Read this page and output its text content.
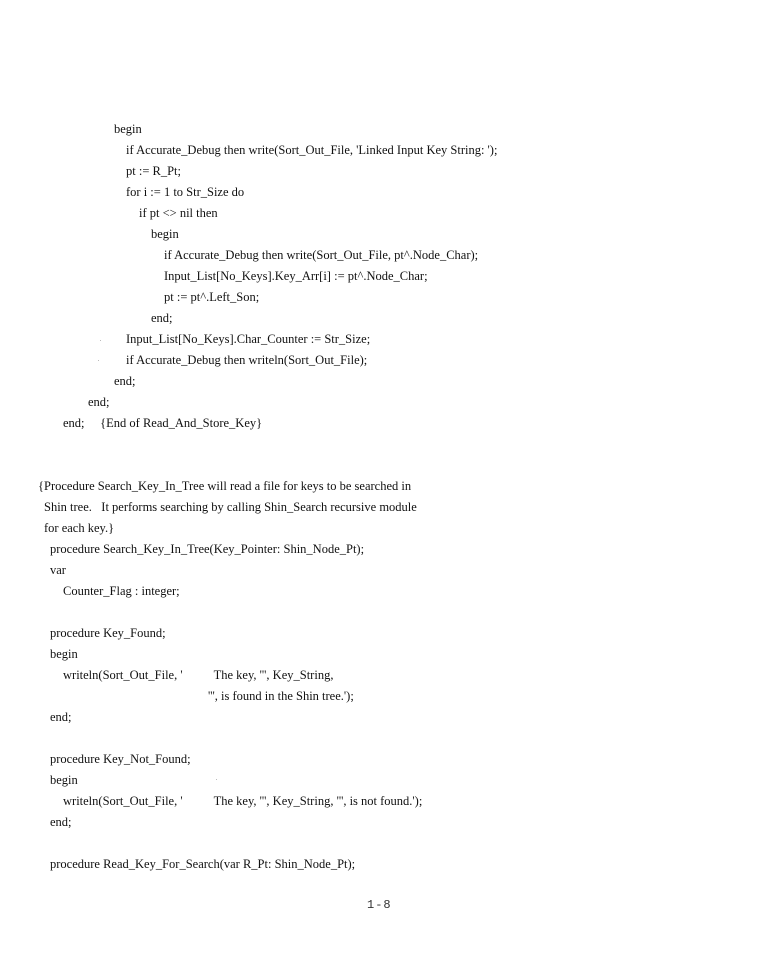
begin
if Accurate_Debug then write(Sort_Out_File, 'Linked Input Key String: ');
pt := R_Pt;
for i := 1 to Str_Size do
if pt <> nil then
begin
if Accurate_Debug then write(Sort_Out_File, pt^.Node_Char);
Input_List[No_Keys].Key_Arr[i] := pt^.Node_Char;
pt := pt^.Left_Son;
end;
Input_List[No_Keys].Char_Counter := Str_Size;
if Accurate_Debug then writeln(Sort_Out_File);
end;
end;
end;     {End of Read_And_Store_Key}
{Procedure Search_Key_In_Tree will read a file for keys to be searched in
Shin tree.   It performs searching by calling Shin_Search recursive module
for each key.}
procedure Search_Key_In_Tree(Key_Pointer: Shin_Node_Pt);
var
Counter_Flag : integer;
procedure Key_Found;
begin
writeln(Sort_Out_File, '          The key, ''', Key_String,
''', is found in the Shin tree.');
end;
procedure Key_Not_Found;
begin
writeln(Sort_Out_File, '          The key, ''', Key_String, ''', is not found.');
end;
procedure Read_Key_For_Search(var R_Pt: Shin_Node_Pt);
1-8
